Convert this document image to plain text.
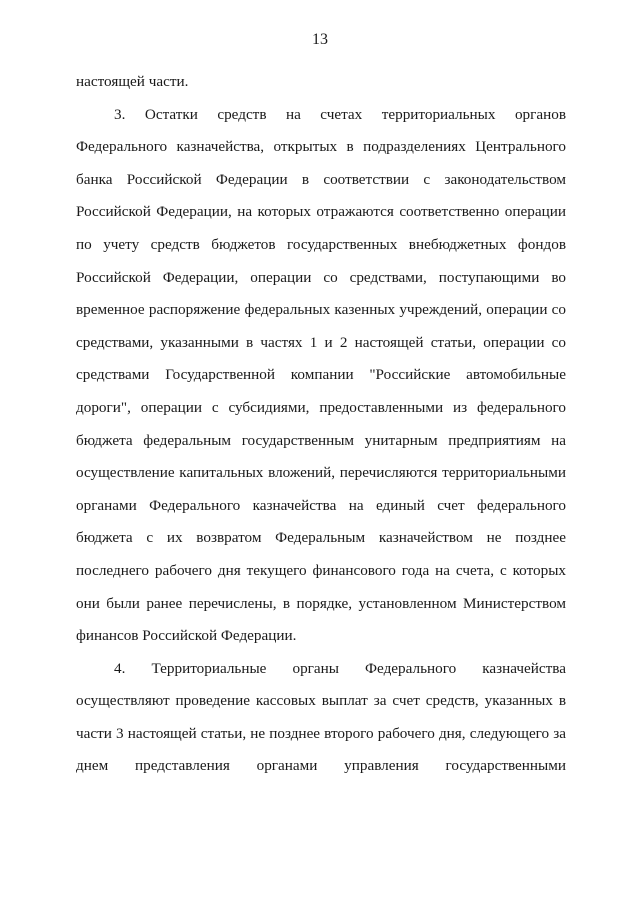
13
настоящей части.
3. Остатки средств на счетах территориальных органов
Федерального казначейства, открытых в подразделениях Центрального
банка Российской Федерации в соответствии с законодательством
Российской Федерации, на которых отражаются соответственно операции
по учету средств бюджетов государственных внебюджетных фондов
Российской Федерации, операции со средствами, поступающими во
временное распоряжение федеральных казенных учреждений, операции со
средствами, указанными в частях 1 и 2 настоящей статьи, операции со
средствами Государственной компании "Российские автомобильные
дороги", операции с субсидиями, предоставленными из федерального
бюджета федеральным государственным унитарным предприятиям на
осуществление капитальных вложений, перечисляются территориальными
органами Федерального казначейства на единый счет федерального
бюджета с их возвратом Федеральным казначейством не позднее
последнего рабочего дня текущего финансового года на счета, с которых
они были ранее перечислены, в порядке, установленном Министерством
финансов Российской Федерации.
4. Территориальные органы Федерального казначейства
осуществляют проведение кассовых выплат за счет средств, указанных в
части 3 настоящей статьи, не позднее второго рабочего дня, следующего за
днем представления органами управления государственными
